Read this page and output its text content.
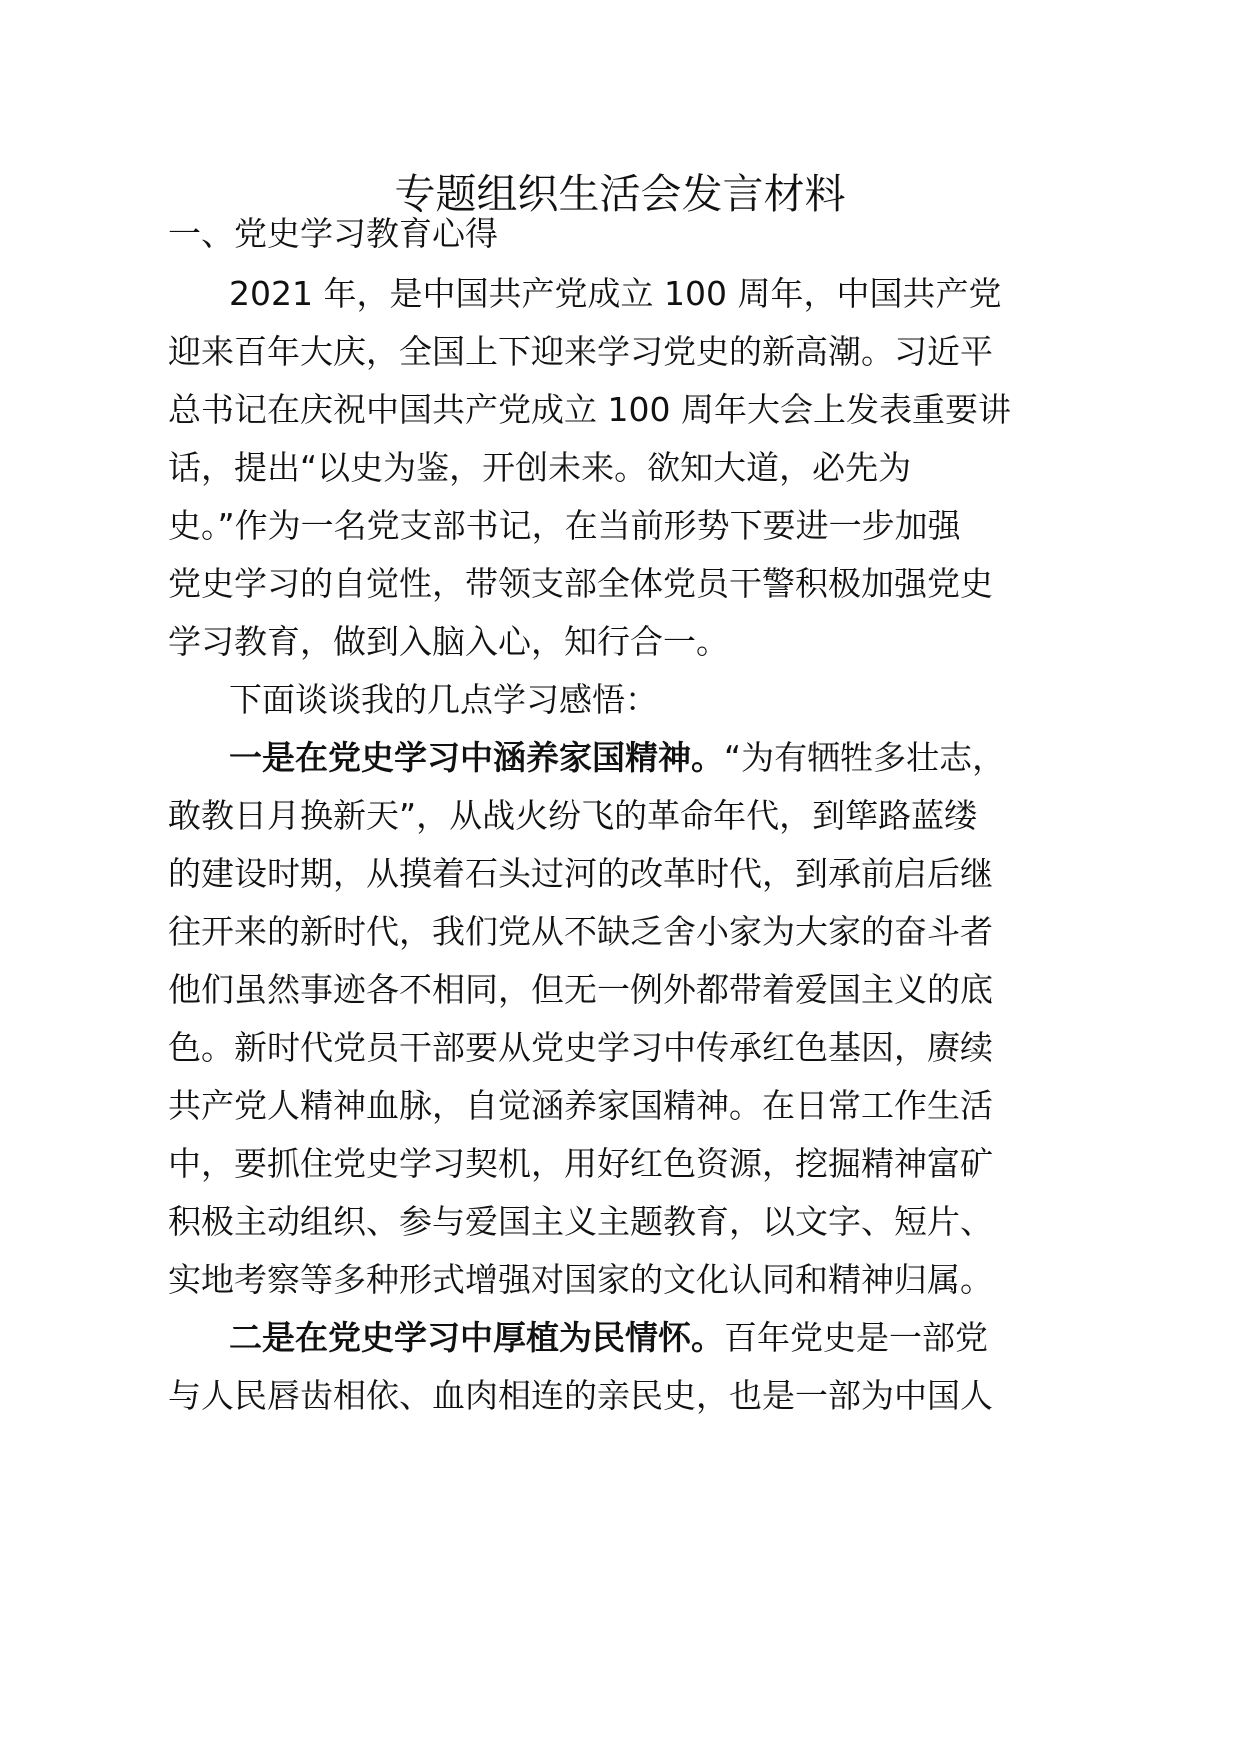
专题组织生活会发言材料

一、党史学习教育心得

2021 年，是中国共产党成立 100 周年，中国共产党

迎来百年大庆，全国上下迎来学习党史的新高潮。习近平

总书记在庆祝中国共产党成立 100 周年大会上发表重要讲

话，提出“以史为鉴，开创未来。欲知大道，必先为

史。”作为一名党支部书记，在当前形势下要进一步加强

党史学习的自觉性，带领支部全体党员干警积极加强党史

学习教育，做到入脑入心，知行合一。

下面谈谈我的几点学习感悟：

一是在党史学习中涵养家国精神。“为有牺牲多壮志，

敢教日月换新天”，从战火纷飞的革命年代，到筚路蓝缕

的建设时期，从摸着石头过河的改革时代，到承前启后继

往开来的新时代，我们党从不缺乏舍小家为大家的奋斗者

他们虽然事迹各不相同，但无一例外都带着爱国主义的底

色。新时代党员干部要从党史学习中传承红色基因，赓续

共产党人精神血脉，自觉涵养家国精神。在日常工作生活

中，要抓住党史学习契机，用好红色资源，挖掘精神富矿

积极主动组织、参与爱国主义主题教育，以文字、短片、

实地考察等多种形式增强对国家的文化认同和精神归属。

二是在党史学习中厚植为民情怀。百年党史是一部党

与人民唇齿相依、血肉相连的亲民史，也是一部为中国人
